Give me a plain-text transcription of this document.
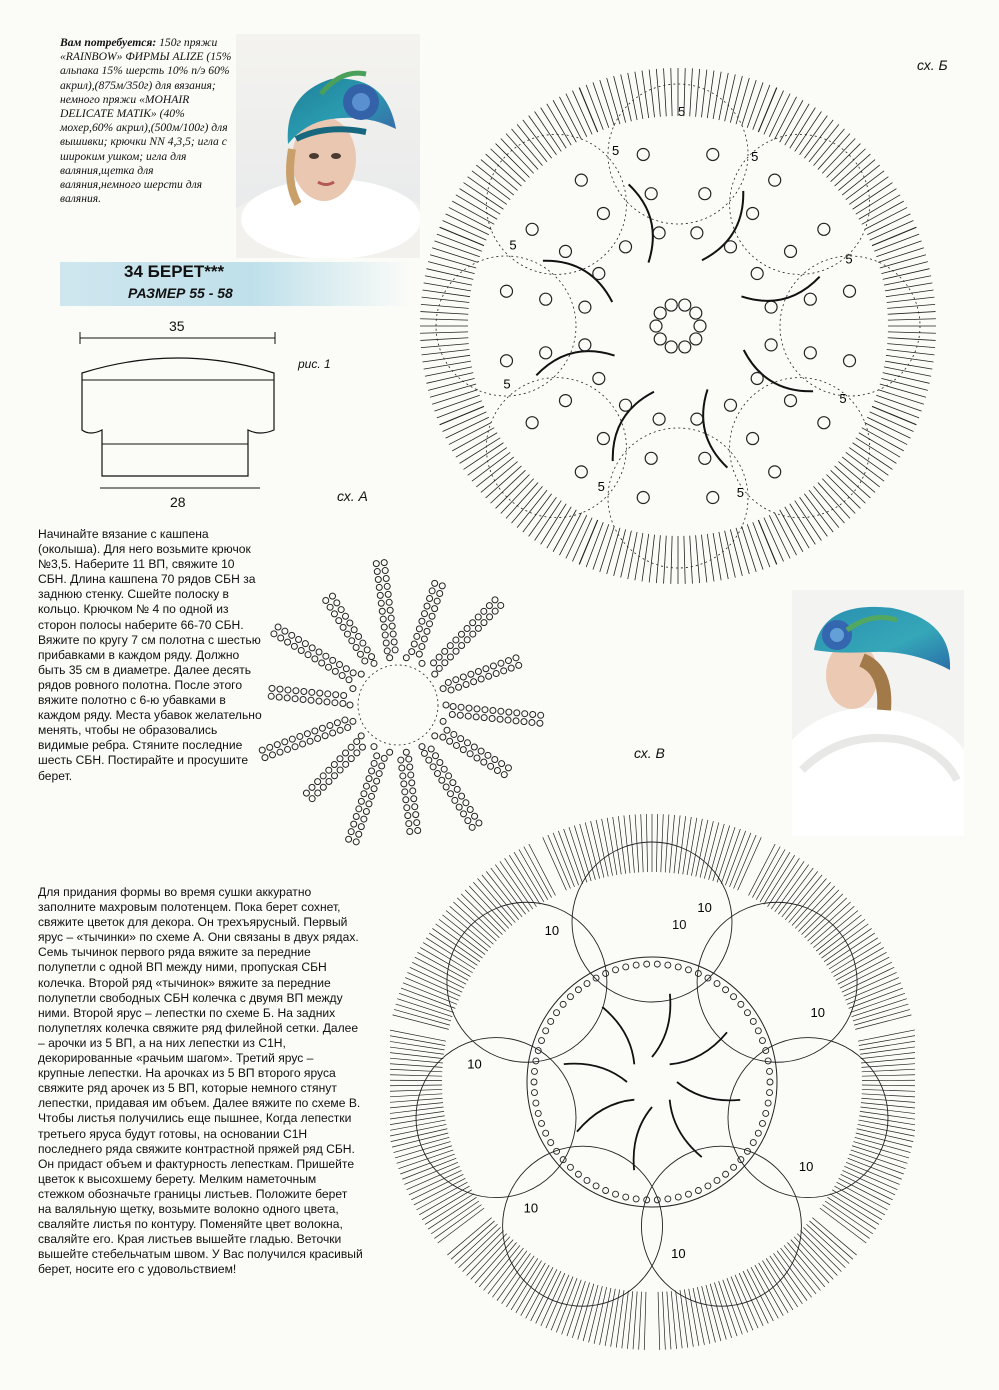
Вам потребуется: 150г пряжи «RAINBOW» ФИРМЫ ALIZE (15% альпака 15% шерсть 10% п/э 60% акрил),(875м/350г) для вязания; немного пряжи «MOHAIR DELICATE MATIK» (40% мохер,60% акрил),(500м/100г) для вышивки; крючки NN 4,3,5; игла с широким ушком; игла для валяния,щетка для валяния,немного шерсти для валяния.
34 БЕРЕТ***
РАЗМЕР 55 - 58
35
28
рис. 1
сх. Б
сх. А
сх. В
5
5
5
5
5
5
5	5
5
10
10
10
10
10
10
10	10

Начинайте вязание с кашпена (околыша). Для него возьмите крючок №3,5. Наберите 11 ВП, свяжите 10 СБН. Длина кашпена 70 рядов СБН за заднюю стенку. Сшейте полоску в кольцо. Крючком № 4 по одной из сторон полосы наберите 66-70 СБН. Вяжите по кругу 7 см полотна с шестью прибавками в каждом ряду. Должно быть 35 см в диаметре. Далее десять рядов ровного полотна. После этого вяжите полотно с 6-ю убавками в каждом ряду. Места убавок желательно менять, чтобы не образовались видимые ребра. Стяните последние шесть СБН. Постирайте и просушите берет.

Для придания формы во время сушки аккуратно заполните махровым полотенцем. Пока берет сохнет, свяжите цветок для декора. Он трехъярусный. Первый ярус – «тычинки» по схеме А. Они связаны в двух рядах. Семь тычинок первого ряда вяжите за передние полупетли с одной ВП между ними, пропуская СБН колечка. Второй ряд «тычинок» вяжите за передние полупетли свободных СБН колечка с двумя ВП между ними. Второй ярус – лепестки по схеме Б. На задних полупетлях колечка свяжите ряд филейной сетки. Далее – арочки из 5 ВП, а на них лепестки из С1Н, декорированные «рачьим шагом». Третий ярус – крупные лепестки. На арочках из 5 ВП второго яруса свяжите ряд арочек из 5 ВП, которые немного стянут лепестки, придавая им объем. Далее вяжите по схеме В. Чтобы листья получились еще пышнее, Когда лепестки третьего яруса будут готовы, на основании С1Н последнего ряда свяжите контрастной пряжей ряд СБН. Он придаст объем и фактурность лепесткам. Пришейте цветок к высохшему берету. Мелким наметочным стежком обозначьте границы листьев. Положите берет на валяльную щетку, возьмите волокно одного цвета, сваляйте листья по контуру. Поменяйте цвет волокна, сваляйте его. Края листьев вышейте гладью. Веточки вышейте стебельчатым швом. У Вас получился красивый берет, носите его с удовольствием!
